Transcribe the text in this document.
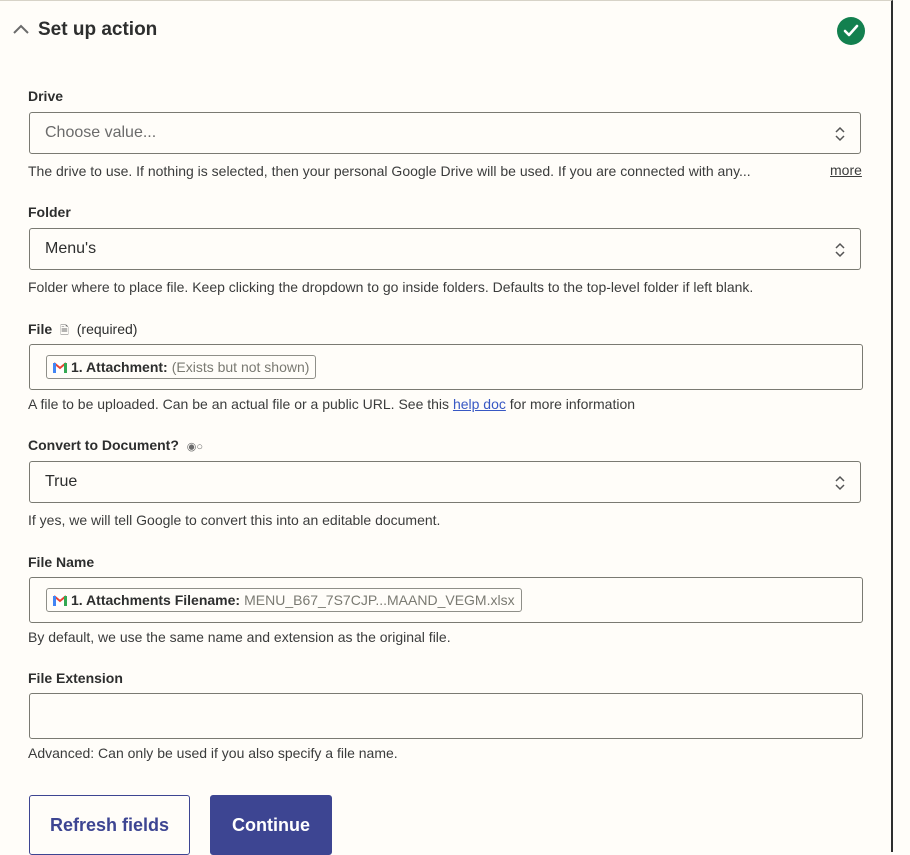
Set up action
Drive
Choose value...
The drive to use. If nothing is selected, then your personal Google Drive will be used. If you are connected with any...	more
Folder
Menu's
Folder where to place file. Keep clicking the dropdown to go inside folders. Defaults to the top-level folder if left blank.
File 🗎 (required)
1. Attachment: (Exists but not shown)
A file to be uploaded. Can be an actual file or a public URL. See this help doc for more information
Convert to Document? ◉○
True
If yes, we will tell Google to convert this into an editable document.
File Name
1. Attachments Filename: MENU_B67_7S7CJP...MAAND_VEGM.xlsx
By default, we use the same name and extension as the original file.
File Extension
Advanced: Can only be used if you also specify a file name.
Refresh fields	Continue
